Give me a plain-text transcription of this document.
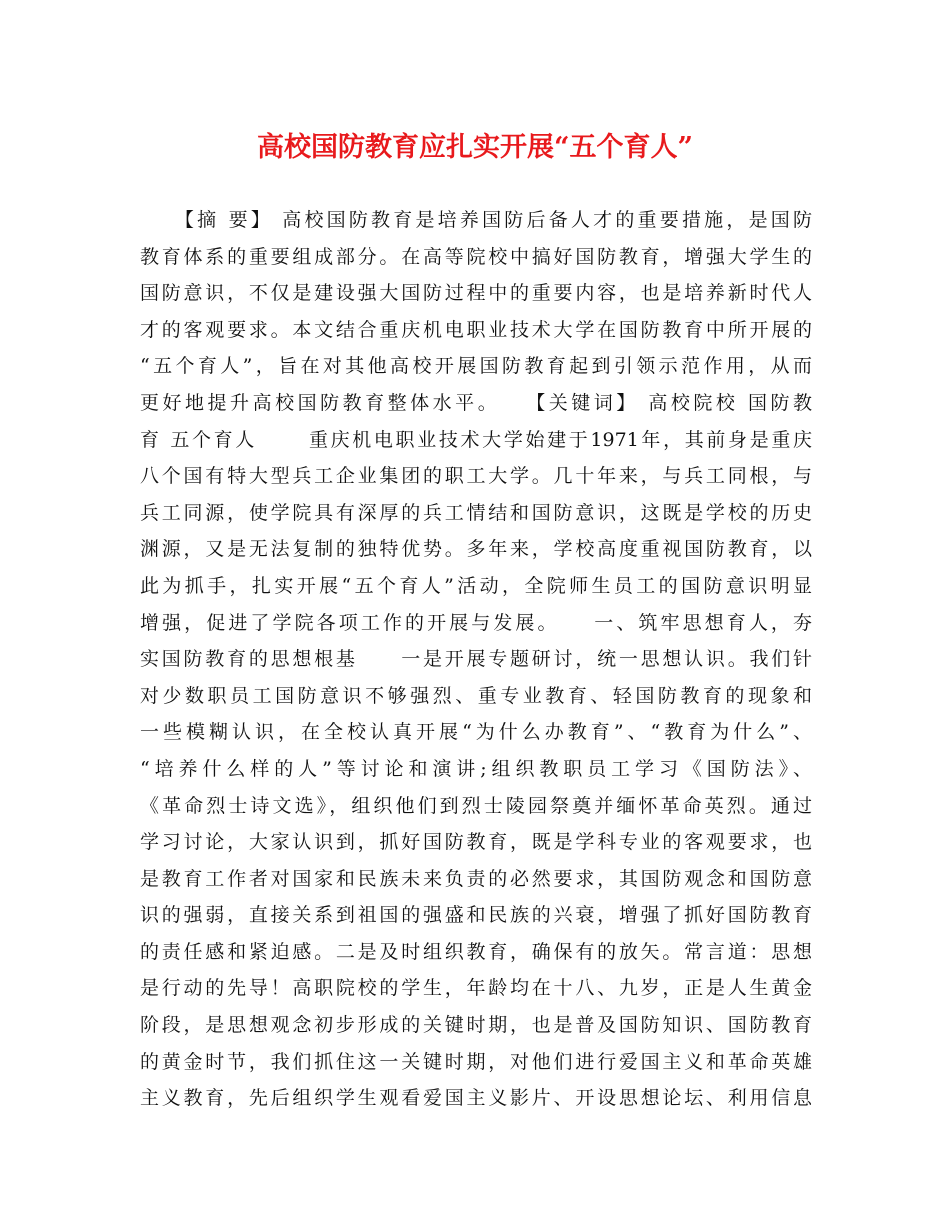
高校国防教育应扎实开展“五个育人”
　　【摘 要】 高校国防教育是培养国防后备人才的重要措施，是国防
教育体系的重要组成部分。在高等院校中搞好国防教育，增强大学生的
国防意识，不仅是建设强大国防过程中的重要内容，也是培养新时代人
才的客观要求。本文结合重庆机电职业技术大学在国防教育中所开展的
“五个育人”，旨在对其他高校开展国防教育起到引领示范作用，从而
更好地提升高校国防教育整体水平。　　【关键词】 高校院校 国防教
育 五个育人　　 重庆机电职业技术大学始建于1971年，其前身是重庆
八个国有特大型兵工企业集团的职工大学。几十年来，与兵工同根，与
兵工同源，使学院具有深厚的兵工情结和国防意识，这既是学校的历史
渊源，又是无法复制的独特优势。多年来，学校高度重视国防教育，以
此为抓手，扎实开展“五个育人”活动，全院师生员工的国防意识明显
增强，促进了学院各项工作的开展与发展。　　一、筑牢思想育人，夯
实国防教育的思想根基　　一是开展专题研讨，统一思想认识。我们针
对少数职员工国防意识不够强烈、重专业教育、轻国防教育的现象和
一些模糊认识，在全校认真开展“为什么办教育”、“教育为什么”、
“培养什么样的人”等讨论和演讲;组织教职员工学习《国防法》、
《革命烈士诗文选》，组织他们到烈士陵园祭奠并缅怀革命英烈。通过
学习讨论，大家认识到，抓好国防教育，既是学科专业的客观要求，也
是教育工作者对国家和民族未来负责的必然要求，其国防观念和国防意
识的强弱，直接关系到祖国的强盛和民族的兴衰，增强了抓好国防教育
的责任感和紧迫感。二是及时组织教育，确保有的放矢。常言道：思想
是行动的先导！高职院校的学生，年龄均在十八、九岁，正是人生黄金
阶段，是思想观念初步形成的关键时期，也是普及国防知识、国防教育
的黄金时节，我们抓住这一关键时期，对他们进行爱国主义和革命英雄
主义教育，先后组织学生观看爱国主义影片、开设思想论坛、利用信息
